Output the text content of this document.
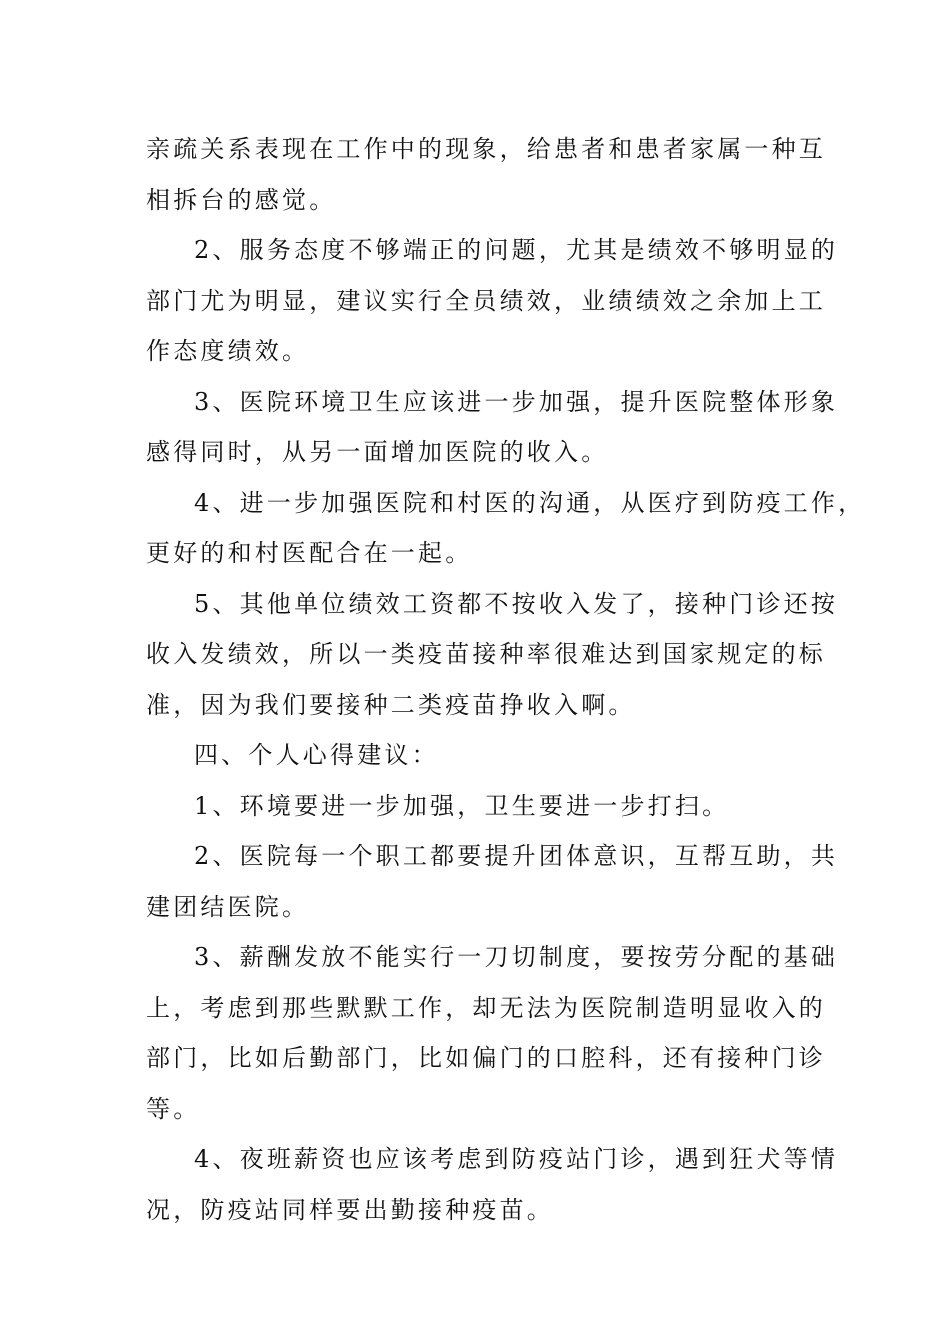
亲疏关系表现在工作中的现象，给患者和患者家属一种互
相拆台的感觉。
2、服务态度不够端正的问题，尤其是绩效不够明显的
部门尤为明显，建议实行全员绩效，业绩绩效之余加上工
作态度绩效。
3、医院环境卫生应该进一步加强，提升医院整体形象
感得同时，从另一面增加医院的收入。
4、进一步加强医院和村医的沟通，从医疗到防疫工作，
更好的和村医配合在一起。
5、其他单位绩效工资都不按收入发了，接种门诊还按
收入发绩效，所以一类疫苗接种率很难达到国家规定的标
准，因为我们要接种二类疫苗挣收入啊。
四、个人心得建议：
1、环境要进一步加强，卫生要进一步打扫。
2、医院每一个职工都要提升团体意识，互帮互助，共
建团结医院。
3、薪酬发放不能实行一刀切制度，要按劳分配的基础
上，考虑到那些默默工作，却无法为医院制造明显收入的
部门，比如后勤部门，比如偏门的口腔科，还有接种门诊
等。
4、夜班薪资也应该考虑到防疫站门诊，遇到狂犬等情
况，防疫站同样要出勤接种疫苗。
